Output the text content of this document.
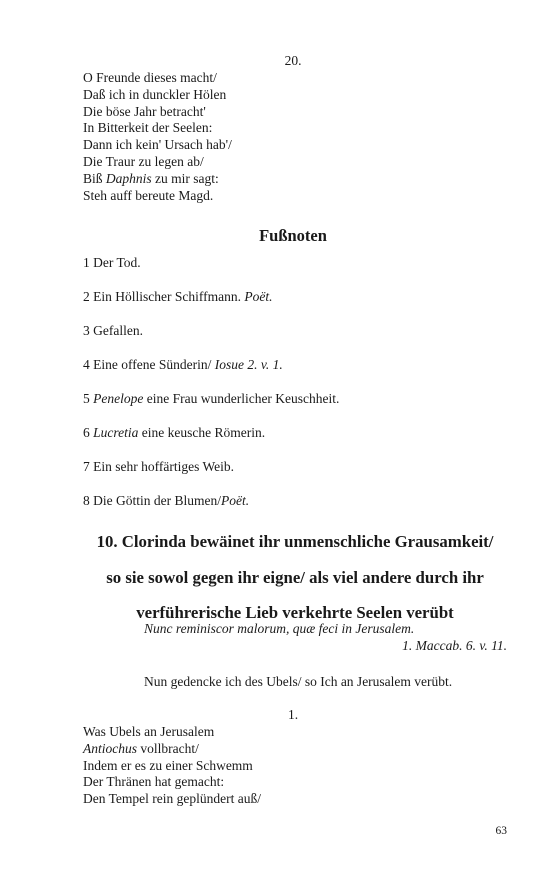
20.

O Freunde dieses macht/

Daß ich in dunckler Hölen

Die böse Jahr betracht'

In Bitterkeit der Seelen:

Dann ich kein' Ursach hab'/

Die Traur zu legen ab/

Biß Daphnis zu mir sagt:

Steh auff bereute Magd.

Fußnoten
1 Der Tod.
2 Ein Höllischer Schiffmann. Poët.
3 Gefallen.
4 Eine offene Sünderin/ Iosue 2. v. 1.
5 Penelope eine Frau wunderlicher Keuschheit.
6 Lucretia eine keusche Römerin.
7 Ein sehr hoffärtiges Weib.
8 Die Göttin der Blumen/Poët.
10. Clorinda bewäinet ihr unmenschliche Grausamkeit/
so sie sowol gegen ihr eigne/ als viel andere durch ihr
verführerische Lieb verkehrte Seelen verübt

Nunc reminiscor malorum, quæ feci in Jerusalem.

1. Maccab. 6. v. 11.

Nun gedencke ich des Ubels/ so Ich an Jerusalem verübt.

1.

Was Ubels an Jerusalem

Antiochus vollbracht/

Indem er es zu einer Schwemm

Der Thränen hat gemacht:

Den Tempel rein geplündert auß/

63
